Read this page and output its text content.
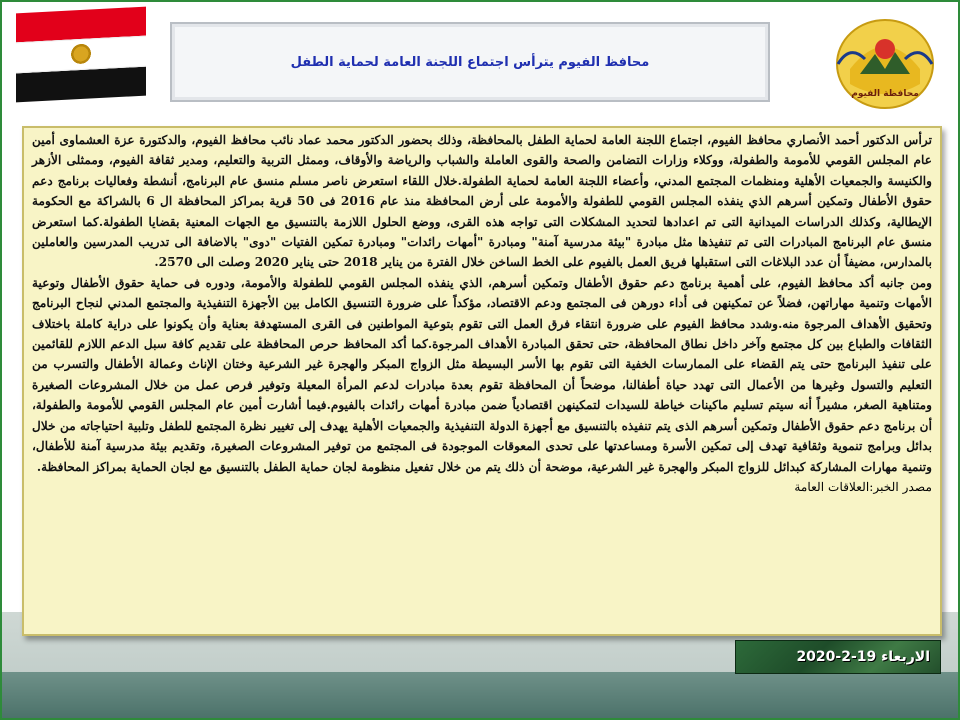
محافظ الفيوم يترأس اجتماع اللجنة العامة لحماية الطفل
محافظة الفيوم

ترأس الدكتور أحمد الأنصاري محافظ الفيوم، اجتماع اللجنة العامة لحماية الطفل بالمحافظة، وذلك بحضور الدكتور محمد عماد نائب محافظ الفيوم، والدكتورة عزة العشماوى أمين عام المجلس القومي للأمومة والطفولة، ووكلاء وزارات التضامن والصحة والقوى العاملة والشباب والرياضة والأوقاف، وممثل التربية والتعليم، ومدير ثقافة الفيوم، وممثلى الأزهر والكنيسة والجمعيات الأهلية ومنظمات المجتمع المدني، وأعضاء اللجنة العامة لحماية الطفولة.خلال اللقاء استعرض ناصر مسلم منسق عام البرنامج، أنشطة وفعاليات برنامج دعم حقوق الأطفال وتمكين أسرهم الذي ينفذه المجلس القومي للطفولة والأمومة على أرض المحافظة منذ عام 2016 فى 50 قرية بمراكز المحافظة ال 6 بالشراكة مع الحكومة الإيطالية، وكذلك الدراسات الميدانية التى تم اعدادها لتحديد المشكلات التى تواجه هذه القرى، ووضع الحلول اللازمة بالتنسيق مع الجهات المعنية بقضايا الطفولة.كما استعرض منسق عام البرنامج المبادرات التى تم تنفيذها مثل مبادرة "بيئة مدرسية آمنة" ومبادرة "أمهات رائدات" ومبادرة تمكين الفتيات "دوى" بالاضافة الى تدريب المدرسين والعاملين بالمدارس، مضيفاً أن عدد البلاغات التى استقبلها فريق العمل بالفيوم على الخط الساخن خلال الفترة من يناير 2018 حتى يناير 2020 وصلت الى 2570.

ومن جانبه أكد محافظ الفيوم، على أهمية برنامج دعم حقوق الأطفال وتمكين أسرهم، الذي ينفذه المجلس القومي للطفولة والأمومة، ودوره فى حماية حقوق الأطفال وتوعية الأمهات وتنمية مهاراتهن، فضلاً عن تمكينهن فى أداء دورهن فى المجتمع ودعم الاقتصاد، مؤكداً على ضرورة التنسيق الكامل بين الأجهزة التنفيذية والمجتمع المدني لنجاح البرنامج وتحقيق الأهداف المرجوة منه.وشدد محافظ الفيوم على ضرورة انتقاء فرق العمل التى تقوم بتوعية المواطنين فى القرى المستهدفة بعناية وأن يكونوا على دراية كاملة باختلاف الثقافات والطباع بين كل مجتمع وآخر داخل نطاق المحافظة، حتى تحقق المبادرة الأهداف المرجوة.كما أكد المحافظ حرص المحافظة على تقديم كافة سبل الدعم اللازم للقائمين على تنفيذ البرنامج حتى يتم القضاء على الممارسات الخفية التى تقوم بها الأسر البسيطة مثل الزواج المبكر والهجرة غير الشرعية وختان الإناث وعمالة الأطفال والتسرب من التعليم والتسول وغيرها من الأعمال التى تهدد حياة أطفالنا، موضحاً أن المحافظة تقوم بعدة مبادرات لدعم المرأة المعيلة وتوفير فرص عمل من خلال المشروعات الصغيرة ومتناهية الصغر، مشيراً أنه سيتم تسليم ماكينات خياطة للسيدات لتمكينهن اقتصادياً ضمن مبادرة أمهات رائدات بالفيوم.فيما أشارت أمين عام المجلس القومي للأمومة والطفولة، أن برنامج دعم حقوق الأطفال وتمكين أسرهم الذى يتم تنفيذه بالتنسيق مع أجهزة الدولة التنفيذية والجمعيات الأهلية يهدف إلى تغيير نظرة المجتمع للطفل وتلبية احتياجاته من خلال بدائل وبرامج تنموية وثقافية تهدف إلى تمكين الأسرة ومساعدتها على تحدى المعوقات الموجودة فى المجتمع من توفير المشروعات الصغيرة، وتقديم بيئة مدرسية آمنة للأطفال، وتنمية مهارات المشاركة كبدائل للزواج المبكر والهجرة غير الشرعية، موضحة أن ذلك يتم من خلال تفعيل منظومة لجان حماية الطفل بالتنسيق مع لجان الحماية بمراكز المحافظة.

مصدر الخبر:العلاقات العامة

الاربعاء 19-2-2020
